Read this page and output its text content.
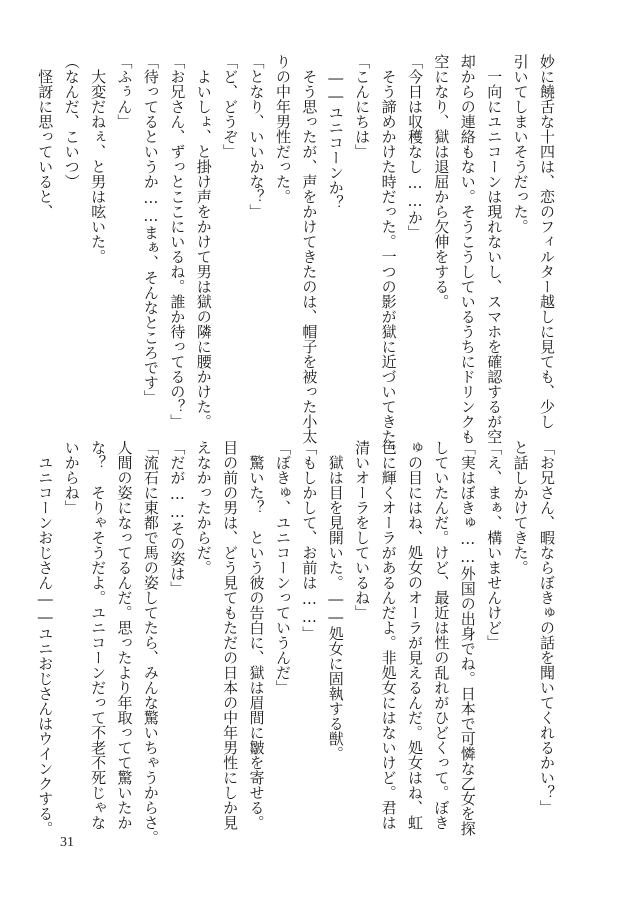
妙に饒舌な十四は、恋のフィルター越しに見ても、少し
引いてしまいそうだった。
　一向にユニコーンは現れないし、スマホを確認するが空
却からの連絡もない。そうこうしているうちにドリンクも
空になり、獄は退屈から欠伸をする。
「今日は収穫なし……か」
　そう諦めかけた時だった。一つの影が獄に近づいてきた。
「こんにちは」
　――ユニコーンか？
　そう思ったが、声をかけてきたのは、帽子を被った小太
りの中年男性だった。
「となり、いいかな？」
「ど、どうぞ」
　よいしょ、と掛け声をかけて男は獄の隣に腰かけた。
「お兄さん、ずっとここにいるね。誰か待ってるの？」
「待ってるというか……まぁ、そんなところです」
「ふぅん」
　大変だねぇ、と男は呟いた。
（なんだ、こいつ）
　怪訝に思っていると、
「お兄さん、暇ならぼきゅの話を聞いてくれるかい？」
と話しかけてきた。
「え、まぁ、構いませんけど」
「実はぼきゅ……外国の出身でね。日本で可憐な乙女を探
していたんだ。けど、最近は性の乱れがひどくって。ぼき
ゅの目にはね、処女のオーラが見えるんだ。処女はね、虹
色に輝くオーラがあるんだよ。非処女にはないけど。君は
清いオーラをしているね」
　獄は目を見開いた。――処女に固執する獣。
「もしかして、お前は……」
「ぼきゅ、ユニコーンっていうんだ」
　驚いた？　という彼の告白に、獄は眉間に皺を寄せる。
目の前の男は、どう見てもただの日本の中年男性にしか見
えなかったからだ。
「だが……その姿は」
「流石に東都で馬の姿してたら、みんな驚いちゃうからさ。
人間の姿になってるんだ。思ったより年取ってて驚いたか
な？　そりゃそうだよ。ユニコーンだって不老不死じゃな
いからね」
　ユニコーンおじさん――ユニおじさんはウインクする。
31
